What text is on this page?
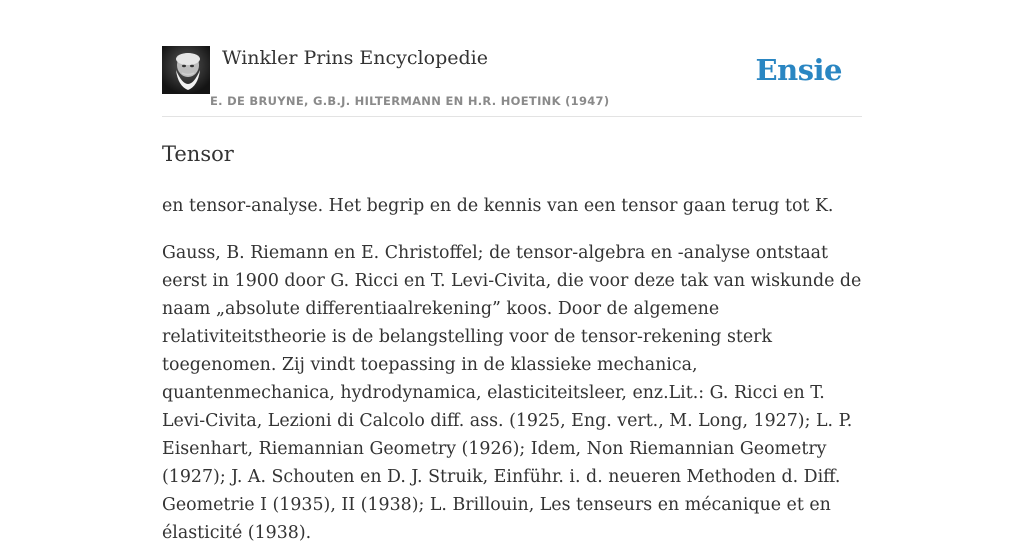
Winkler Prins Encyclopedie
E. DE BRUYNE, G.B.J. HILTERMANN EN H.R. HOETINK (1947)
Ensie
Tensor

en tensor-analyse. Het begrip en de kennis van een tensor gaan terug tot K.

Gauss, B. Riemann en E. Christoffel; de tensor-algebra en -analyse ontstaat eerst in 1900 door G. Ricci en T. Levi-Civita, die voor deze tak van wiskunde de naam „absolute differentiaalrekening” koos. Door de algemene relativiteitstheorie is de belangstelling voor de tensor-rekening sterk toegenomen. Zij vindt toepassing in de klassieke mechanica, quantenmechanica, hydrodynamica, elasticiteitsleer, enz.Lit.: G. Ricci en T. Levi-Civita, Lezioni di Calcolo diff. ass. (1925, Eng. vert., M. Long, 1927); L. P. Eisenhart, Riemannian Geometry (1926); Idem, Non Riemannian Geometry (1927); J. A. Schouten en D. J. Struik, Einführ. i. d. neueren Methoden d. Diff. Geometrie I (1935), II (1938); L. Brillouin, Les tenseurs en mécanique et en élasticité (1938).
